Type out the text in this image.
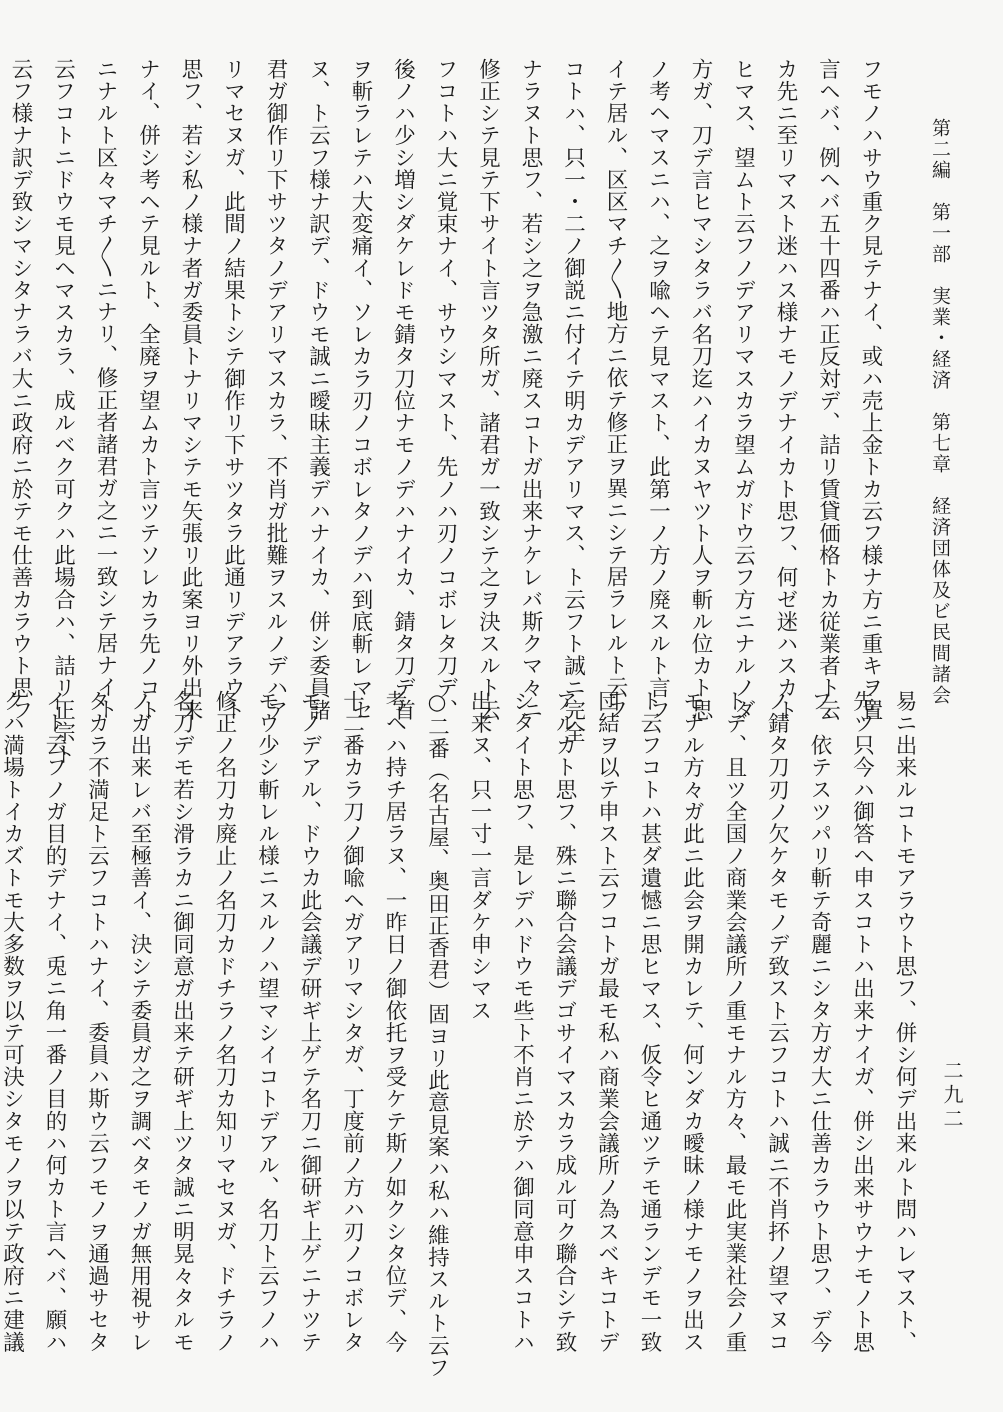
第二編　第一部　実業・経済　第七章　経済団体及ビ民間諸会
フモノハサウ重ク見テナイ、或ハ売上金トカ云フ様ナ方ニ重キヲ置
言ヘバ、例ヘバ五十四番ハ正反対デ、詰リ賃貸価格トカ従業者ト云
カ先ニ至リマスト迷ハス様ナモノデナイカト思フ、何ゼ迷ハスカト
ヒマス、望ムト云フノデアリマスカラ望ムガドウ云フ方ニナルノダ
方ガ、刀デ言ヒマシタラバ名刀迄ハイカヌヤツト人ヲ斬ル位カト思
ノ考ヘマスニハ、之ヲ喩ヘテ見マスト、此第一ノ方ノ廃スルト言フ
イテ居ル、区区マチ〳〵地方ニ依テ修正ヲ異ニシテ居ラレルト云フ
コトハ、只一・二ノ御説ニ付イテ明カデアリマス、ト云フト誠ニ完全
ナラヌト思フ、若シ之ヲ急激ニ廃スコトガ出来ナケレバ斯クマ々ニ
修正シテ見テ下サイト言ツタ所ガ、諸君ガ一致シテ之ヲ決スルト云
フコトハ大ニ覚束ナイ、サウシマスト、先ノハ刃ノコボレタ刀デ、
後ノハ少シ増シダケレドモ錆タ刀位ナモノデハナイカ、錆タ刀デ首
ヲ斬ラレテハ大変痛イ、ソレカラ刃ノコボレタノデハ到底斬レマセ
ヌ、ト云フ様ナ訳デ、ドウモ誠ニ曖昧主義デハナイカ、併シ委員諸
君ガ御作リ下サツタノデアリマスカラ、不肖ガ批難ヲスルノデハア
リマセヌガ、此間ノ結果トシテ御作リ下サツタラ此通リデアラウト
思フ、若シ私ノ様ナ者ガ委員トナリマシテモ矢張リ此案ヨリ外出来
ナイ、併シ考ヘテ見ルト、全廃ヲ望ムカト言ツテソレカラ先ノコト
ニナルト区々マチ〳〵ニナリ、修正者諸君ガ之ニ一致シテ居ナイト
云フコトニドウモ見ヘマスカラ、成ルベク可クハ此場合ハ、詰リ正宗ト
云フ様ナ訳デ致シマシタナラバ大ニ政府ニ於テモ仕善カラウト思フ
易ニ出来ルコトモアラウト思フ、併シ何デ出来ルト問ハレマスト、
先ツ只今ハ御答ヘ申スコトハ出来ナイガ、併シ出来サウナモノト思
フ、依テスツパリ斬テ奇麗ニシタ方ガ大ニ仕善カラウト思フ、デ今
ノ錆タ刀刃ノ欠ケタモノデ致スト云フコトハ誠ニ不肖抔ノ望マヌコ
トデ、且ツ全国ノ商業会議所ノ重モナル方々、最モ此実業社会ノ重
モナル方々ガ此ニ此会ヲ開カレテ、何ンダカ曖昧ノ様ナモノヲ出ス
ト云フコトハ甚ダ遺憾ニ思ヒマス、仮令ヒ通ツテモ通ランデモ一致
団結ヲ以テ申スト云フコトガ最モ私ハ商業会議所ノ為スベキコトデ
アルカト思フ、殊ニ聯合会議デゴサイマスカラ成ル可ク聯合シテ致
シタイト思フ、是レデハドウモ些ト不肖ニ於テハ御同意申スコトハ
出来ヌ、只一寸一言ダケ申シマス
○二番（名古屋、奥田正香君）固ヨリ此意見案ハ私ハ維持スルト云フ
考ヘハ持チ居ラヌ、一昨日ノ御依托ヲ受ケテ斯ノ如クシタ位デ、今
十二番カラ刀ノ御喩ヘガアリマシタガ、丁度前ノ方ハ刃ノコボレタ
モノデアル、ドウカ此会議デ研ギ上ゲテ名刀ニ御研ギ上ゲニナツテ
モウ少シ斬レル様ニスルノハ望マシイコトデアル、名刀ト云フノハ
修正ノ名刀カ廃止ノ名刀カドチラノ名刀カ知リマセヌガ、ドチラノ
名刀デモ若シ滑ラカニ御同意ガ出来テ研ギ上ツタ誠ニ明晃々タルモ
ノガ出来レバ至極善イ、決シテ委員ガ之ヲ調ベタモノガ無用視サレ
タカラ不満足ト云フコトハナイ、委員ハ斯ウ云フモノヲ通過サセタ
イト云フノガ目的デナイ、兎ニ角一番ノ目的ハ何カト言ヘバ、願ハ
クハ満場トイカズトモ大多数ヲ以テ可決シタモノヲ以テ政府ニ建議	二九二
